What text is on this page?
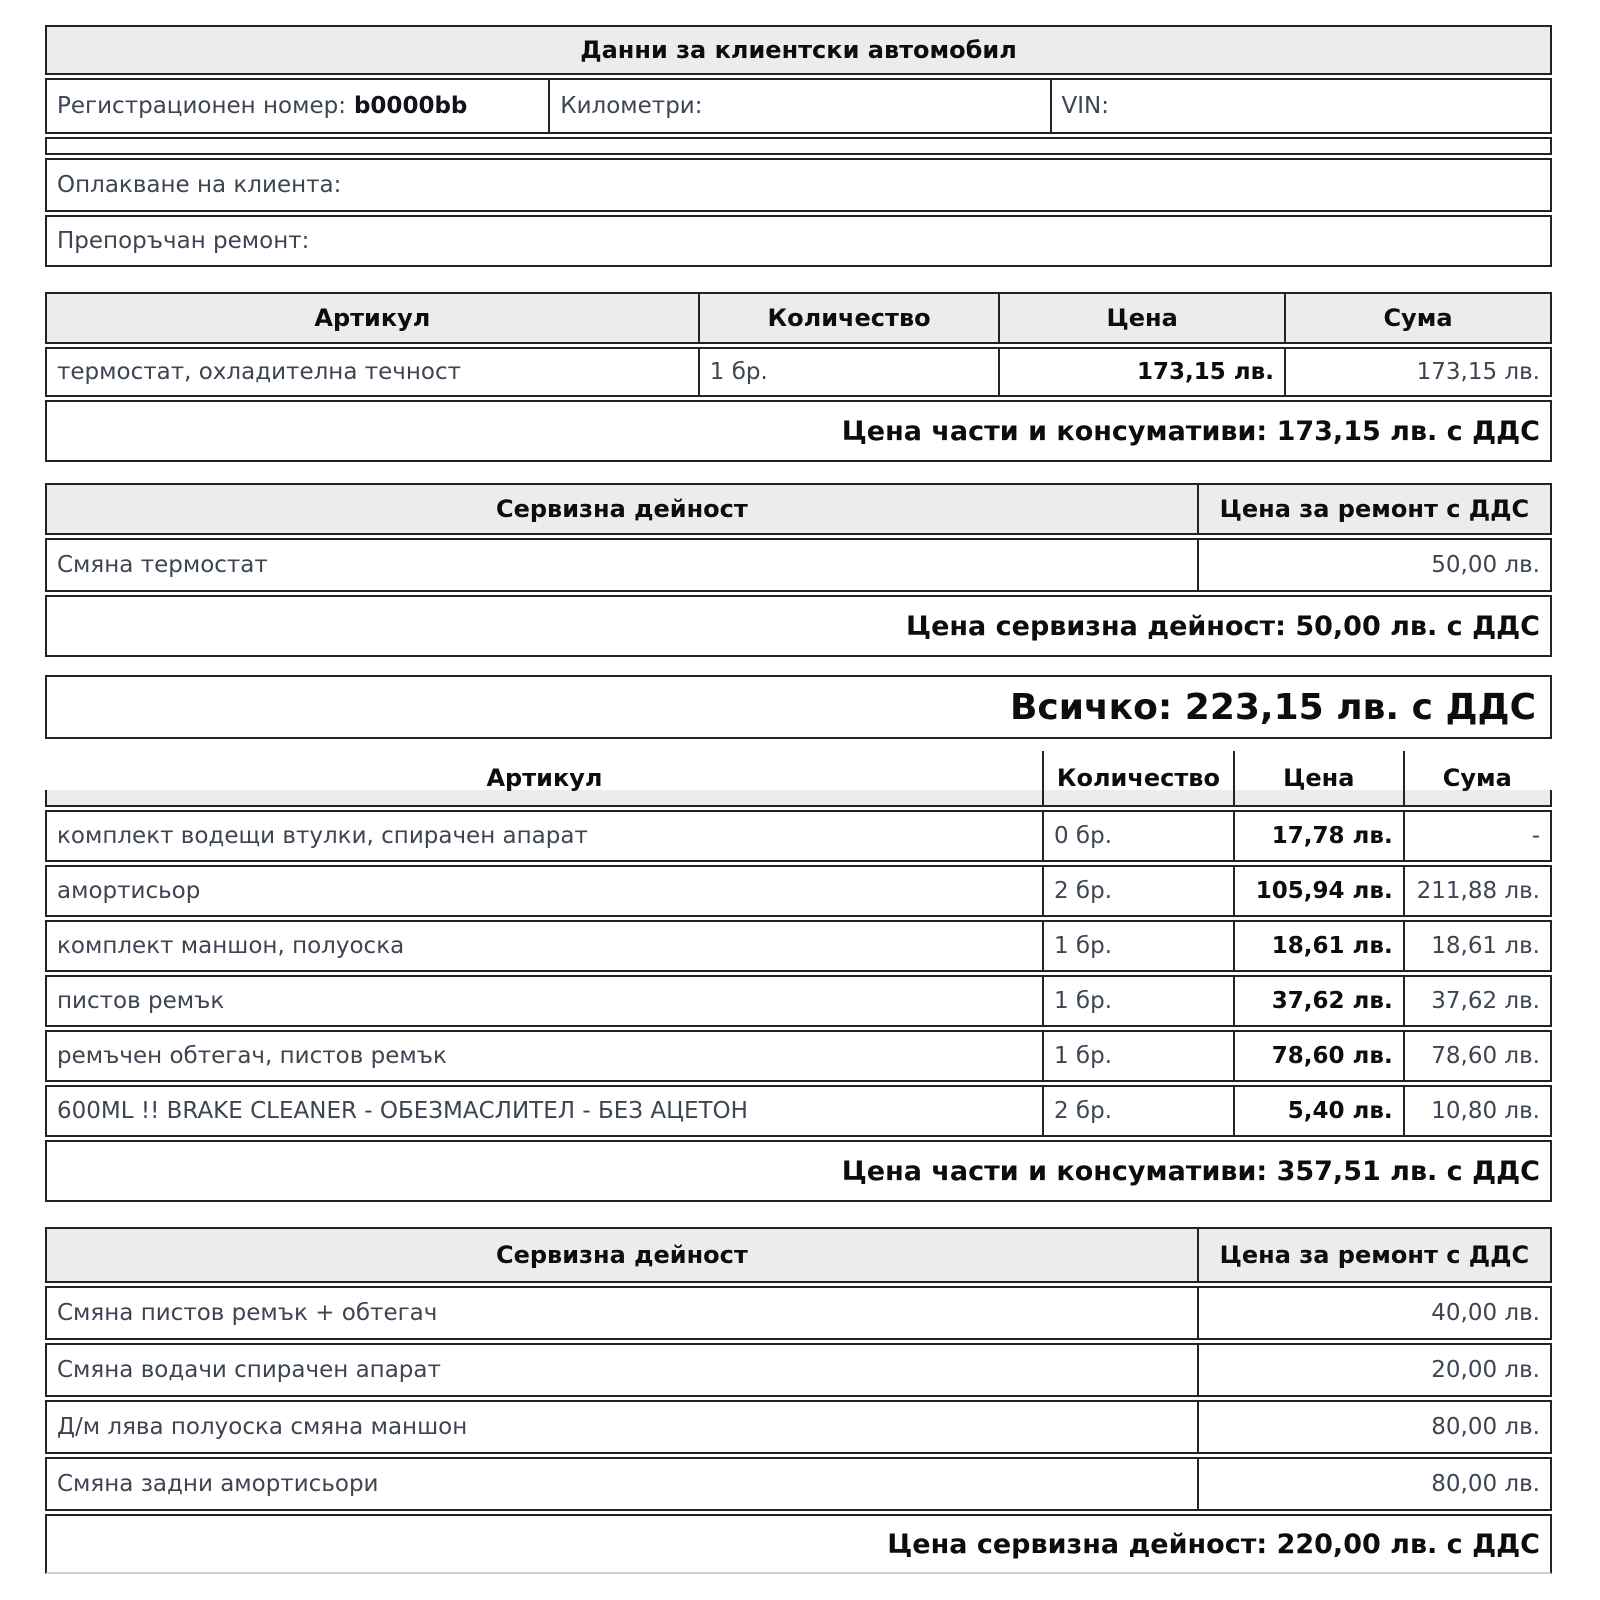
Данни за клиентски автомобил
Регистрационен номер: b0000bb	Километри:	VIN:
Оплакване на клиента:
Препоръчан ремонт:
Артикул	Количество	Цена	Сума
термостат, охладителна течност	1 бр.	173,15 лв.	173,15 лв.
Цена части и консумативи: 173,15 лв. с ДДС
Сервизна дейност	Цена за ремонт с ДДС
Смяна термостат	50,00 лв.
Цена сервизна дейност: 50,00 лв. с ДДС
Всичко: 223,15 лв. с ДДС
Артикул	Количество	Цена	Сума
комплект водещи втулки, спирачен апарат	0 бр.	17,78 лв.	-
амортисьор	2 бр.	105,94 лв.	211,88 лв.
комплект маншон, полуоска	1 бр.	18,61 лв.	18,61 лв.
пистов ремък	1 бр.	37,62 лв.	37,62 лв.
ремъчен обтегач, пистов ремък	1 бр.	78,60 лв.	78,60 лв.
600ML !! BRAKE CLEANER - ОБЕЗМАСЛИТЕЛ - БЕЗ АЦЕТОН	2 бр.	5,40 лв.	10,80 лв.
Цена части и консумативи: 357,51 лв. с ДДС
Сервизна дейност	Цена за ремонт с ДДС
Смяна пистов ремък + обтегач	40,00 лв.
Смяна водачи спирачен апарат	20,00 лв.
Д/м лява полуоска смяна маншон	80,00 лв.
Смяна задни амортисьори	80,00 лв.
Цена сервизна дейност: 220,00 лв. с ДДС
